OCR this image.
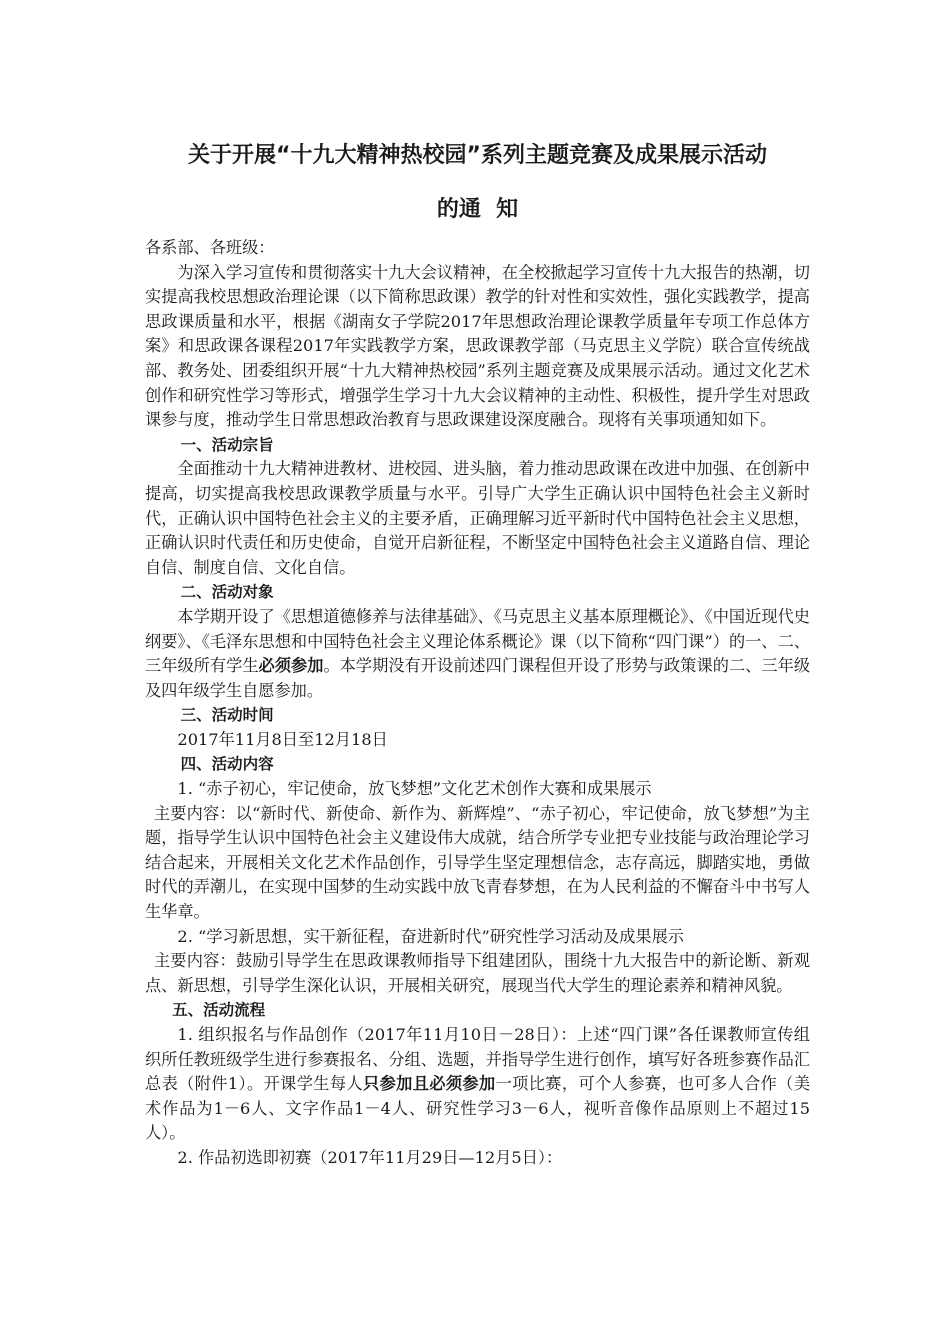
关于开展“十九大精神热校园”系列主题竞赛及成果展示活动
的通  知

各系部、各班级：

为深入学习宣传和贯彻落实十九大会议精神，在全校掀起学习宣传十九大报告的热潮，切实提高我校思想政治理论课（以下简称思政课）教学的针对性和实效性，强化实践教学，提高思政课质量和水平，根据《湖南女子学院2017年思想政治理论课教学质量年专项工作总体方案》和思政课各课程2017年实践教学方案，思政课教学部（马克思主义学院）联合宣传统战部、教务处、团委组织开展“十九大精神热校园”系列主题竞赛及成果展示活动。通过文化艺术创作和研究性学习等形式，增强学生学习十九大会议精神的主动性、积极性，提升学生对思政课参与度，推动学生日常思想政治教育与思政课建设深度融合。现将有关事项通知如下。

一、活动宗旨

全面推动十九大精神进教材、进校园、进头脑，着力推动思政课在改进中加强、在创新中提高，切实提高我校思政课教学质量与水平。引导广大学生正确认识中国特色社会主义新时代，正确认识中国特色社会主义的主要矛盾，正确理解习近平新时代中国特色社会主义思想，正确认识时代责任和历史使命，自觉开启新征程，不断坚定中国特色社会主义道路自信、理论自信、制度自信、文化自信。

二、活动对象

本学期开设了《思想道德修养与法律基础》、《马克思主义基本原理概论》、《中国近现代史纲要》、《毛泽东思想和中国特色社会主义理论体系概论》课（以下简称“四门课”）的一、二、三年级所有学生必须参加。本学期没有开设前述四门课程但开设了形势与政策课的二、三年级及四年级学生自愿参加。

三、活动时间

2017年11月8日至12月18日

四、活动内容

1. “赤子初心，牢记使命，放飞梦想”文化艺术创作大赛和成果展示

主要内容：以“新时代、新使命、新作为、新辉煌”、“赤子初心，牢记使命，放飞梦想”为主题，指导学生认识中国特色社会主义建设伟大成就，结合所学专业把专业技能与政治理论学习结合起来，开展相关文化艺术作品创作，引导学生坚定理想信念，志存高远，脚踏实地，勇做时代的弄潮儿，在实现中国梦的生动实践中放飞青春梦想，在为人民利益的不懈奋斗中书写人生华章。

2. “学习新思想，实干新征程，奋进新时代”研究性学习活动及成果展示

主要内容：鼓励引导学生在思政课教师指导下组建团队，围绕十九大报告中的新论断、新观点、新思想，引导学生深化认识，开展相关研究，展现当代大学生的理论素养和精神风貌。

五、活动流程

1. 组织报名与作品创作（2017年11月10日－28日）：上述“四门课”各任课教师宣传组织所任教班级学生进行参赛报名、分组、选题，并指导学生进行创作，填写好各班参赛作品汇总表（附件1）。开课学生每人只参加且必须参加一项比赛，可个人参赛，也可多人合作（美术作品为1－6人、文字作品1－4人、研究性学习3－6人，视听音像作品原则上不超过15人）。

2. 作品初选即初赛（2017年11月29日—12月5日）：
